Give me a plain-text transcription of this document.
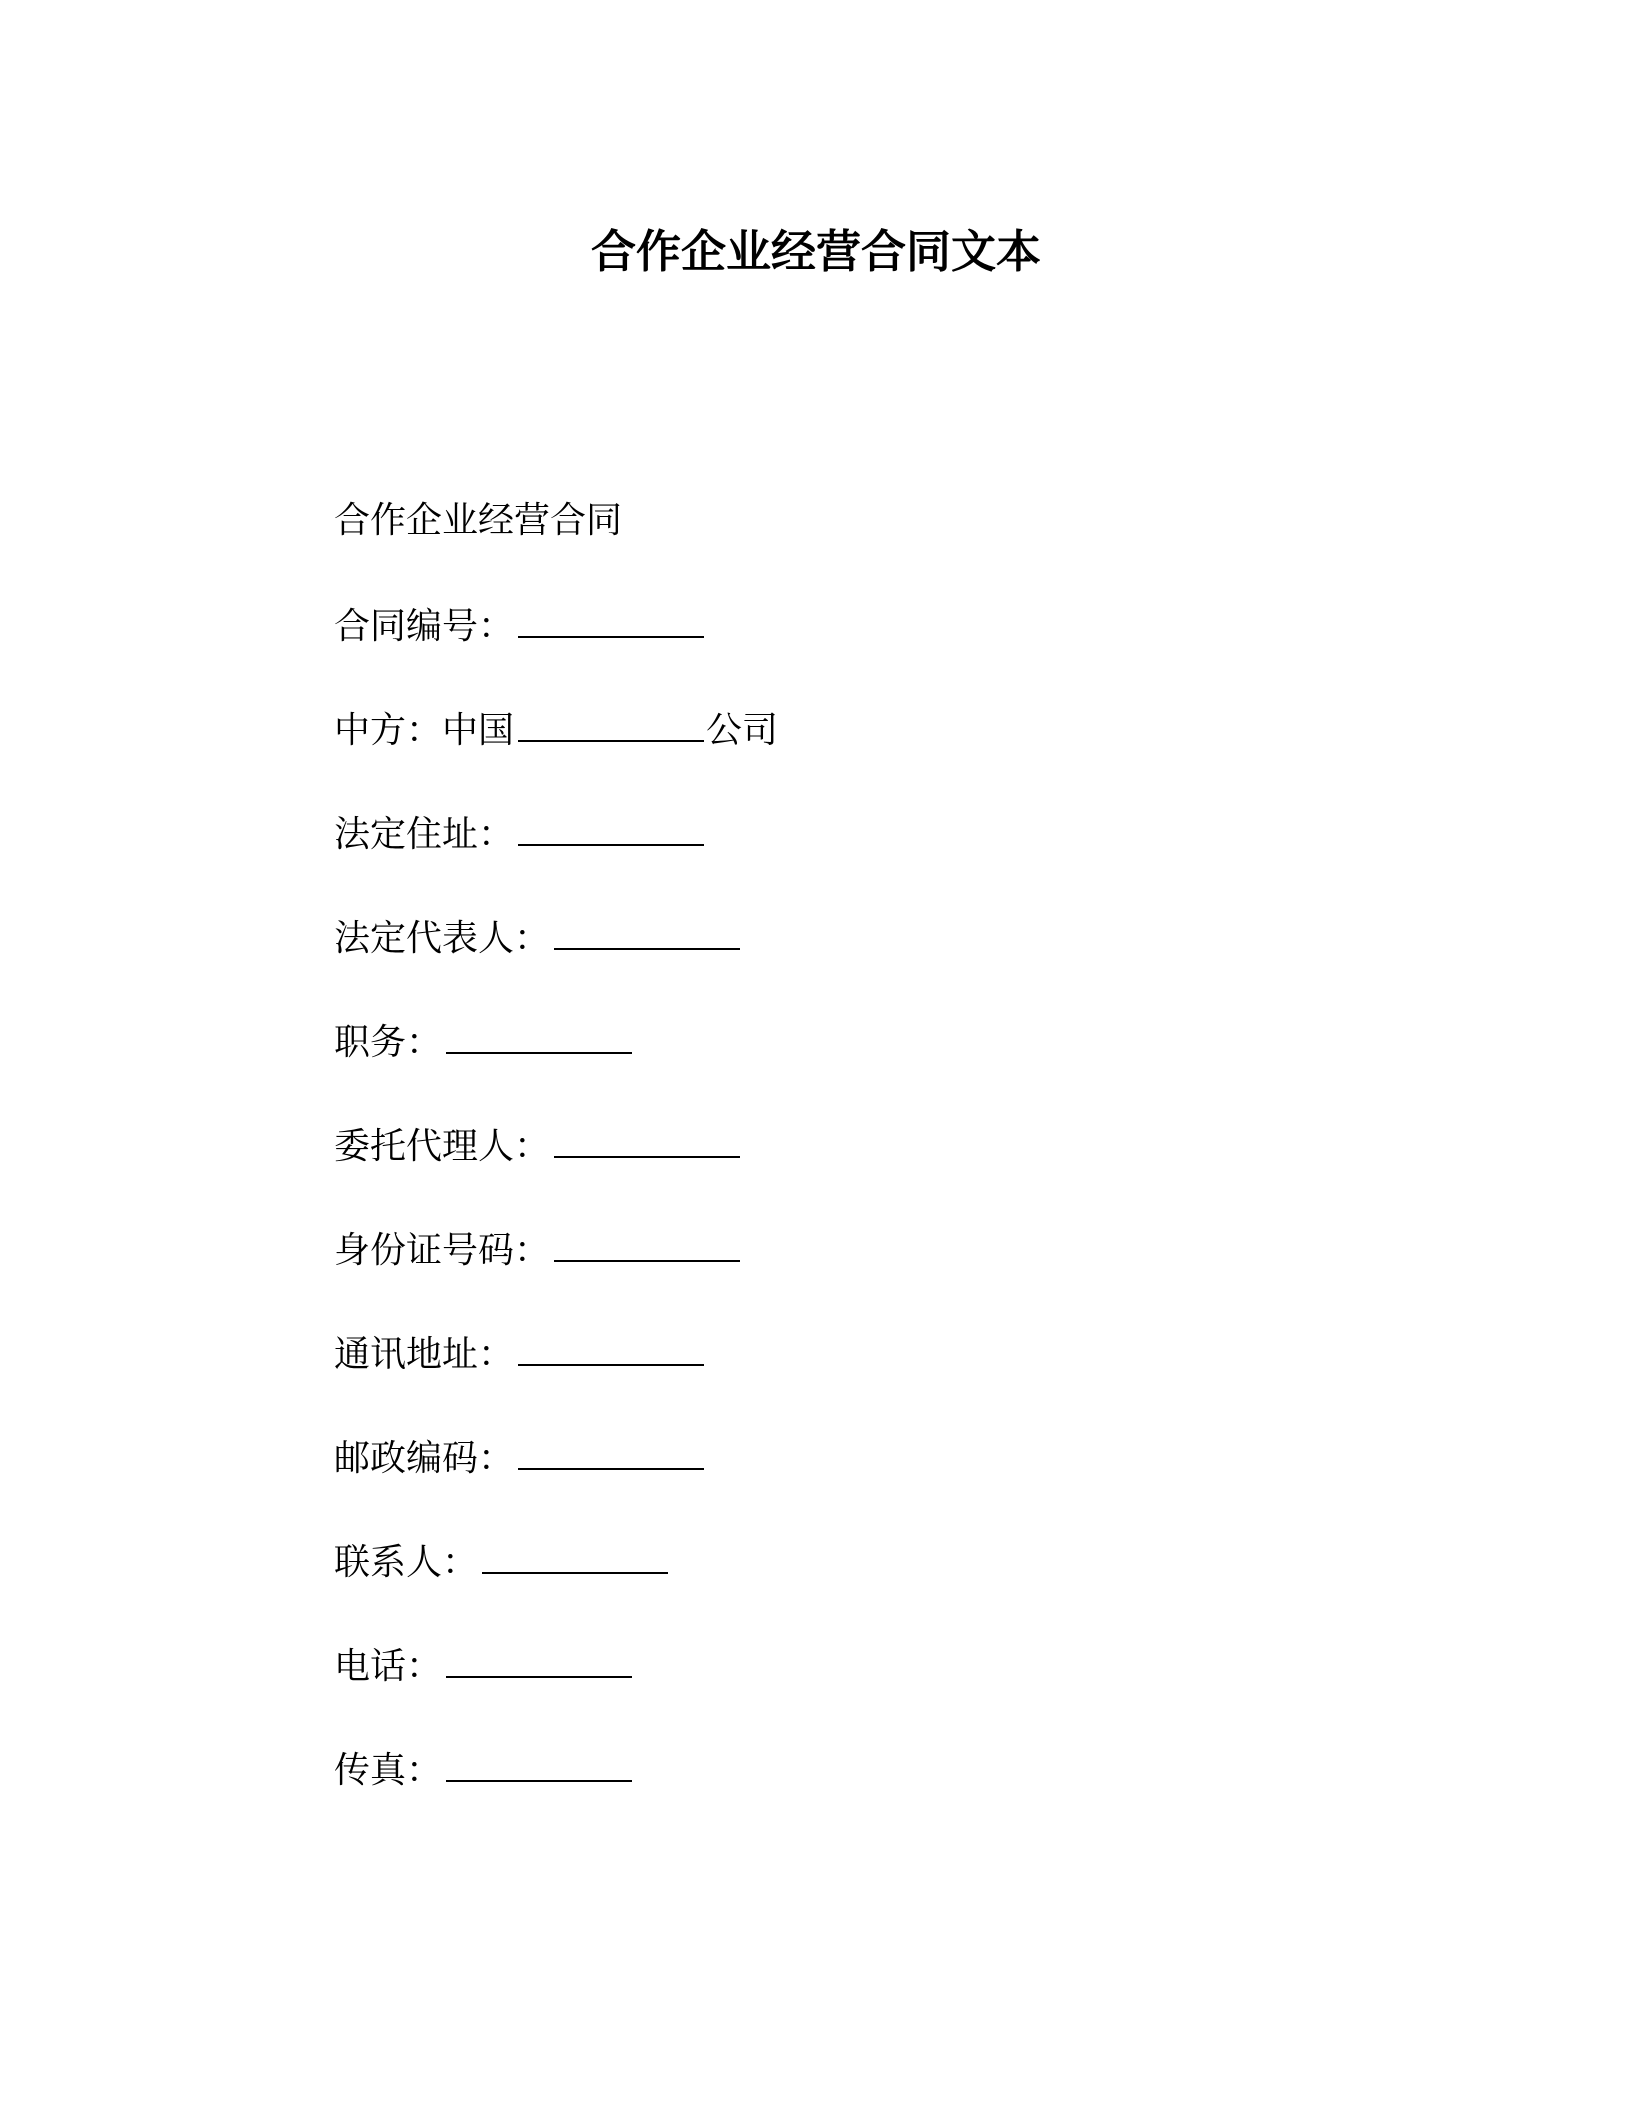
合作企业经营合同文本
合作企业经营合同
合同编号：
中方：中国	公司
法定住址：
法定代表人：
职务：
委托代理人：
身份证号码：
通讯地址：
邮政编码：
联系人：
电话：
传真：
